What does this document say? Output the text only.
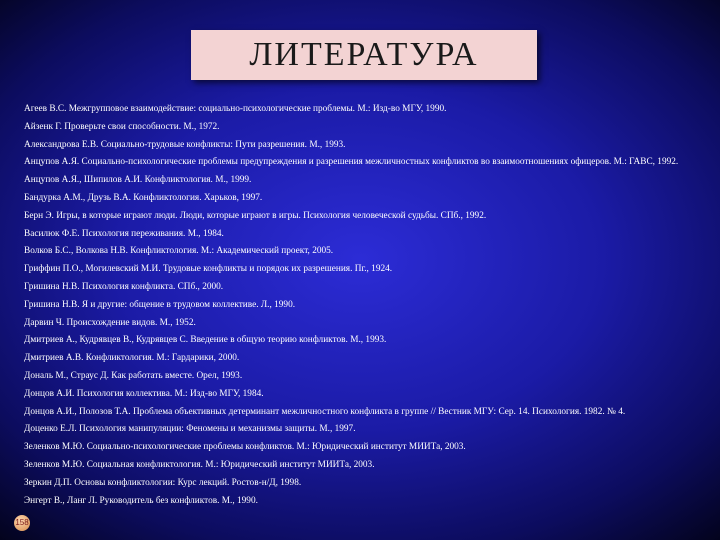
ЛИТЕРАТУРА
Агеев В.С. Межгрупповое взаимодействие: социально-психологические проблемы. М.: Изд-во МГУ, 1990.
Айзенк Г. Проверьте свои способности. М., 1972.
Александрова Е.В. Социально-трудовые конфликты: Пути разрешения. М., 1993.
Анцупов А.Я. Социально-психологические проблемы предупреждения и разрешения межличностных конфликтов во взаимоотношениях офицеров. М.: ГАВС, 1992.
Анцупов А.Я., Шипилов А.И. Конфликтология. М., 1999.
Бандурка А.М., Друзь В.А. Конфликтология. Харьков, 1997.
Берн Э. Игры, в которые играют люди. Люди, которые играют в игры. Психология человеческой судьбы. СПб., 1992.
Василюк Ф.Е. Психология переживания. М., 1984.
Волков Б.С., Волкова Н.В. Конфликтология. М.: Академический проект, 2005.
Гриффин П.О., Могилевский М.И. Трудовые конфликты и порядок их разрешения. Пг., 1924.
Гришина Н.В. Психология конфликта. СПб., 2000.
Гришина Н.В. Я и другие: общение в трудовом коллективе. Л., 1990.
Дарвин Ч. Происхождение видов. М., 1952.
Дмитриев А., Кудрявцев В., Кудрявцев С. Введение в общую теорию конфликтов. М., 1993.
Дмитриев А.В. Конфликтология. М.: Гардарики, 2000.
Дональ М., Страус Д. Как работать вместе. Орел, 1993.
Донцов А.И. Психология коллектива. М.: Изд-во МГУ, 1984.
Донцов А.И., Полозов Т.А. Проблема объективных детерминант межличностного конфликта в группе // Вестник МГУ: Сер. 14. Психология. 1982. № 4.
Доценко Е.Л. Психология манипуляции: Феномены и механизмы защиты. М., 1997.
Зеленков М.Ю. Социально-психологические проблемы конфликтов. М.: Юридический институт МИИТа, 2003.
Зеленков М.Ю. Социальная конфликтология. М.: Юридический институт МИИТа, 2003.
Зеркин Д.П. Основы конфликтологии: Курс лекций. Ростов-н/Д, 1998.
Энгерт В., Ланг Л. Руководитель без конфликтов. М., 1990.
158
